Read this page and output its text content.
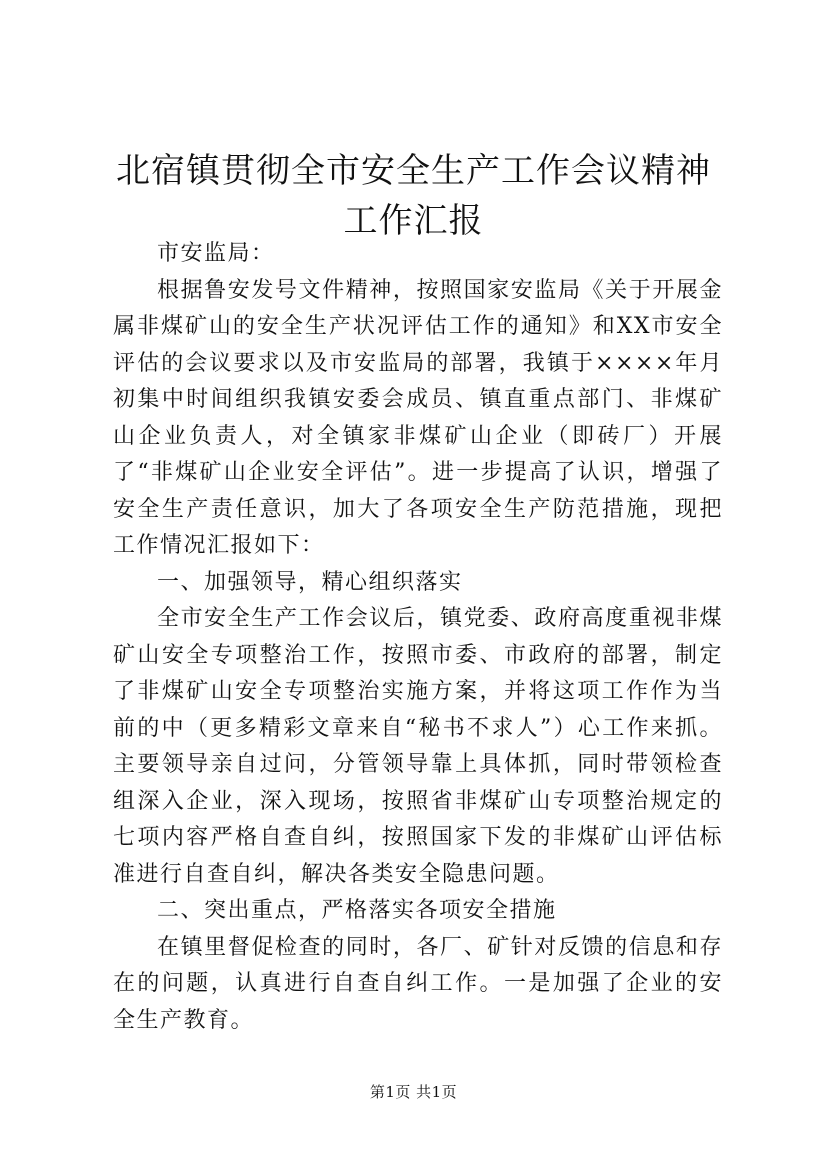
北宿镇贯彻全市安全生产工作会议精神工作汇报

市安监局：

根据鲁安发号文件精神，按照国家安监局《关于开展金属非煤矿山的安全生产状况评估工作的通知》和XX市安全评估的会议要求以及市安监局的部署，我镇于××××年月初集中时间组织我镇安委会成员、镇直重点部门、非煤矿山企业负责人，对全镇家非煤矿山企业（即砖厂）开展了“非煤矿山企业安全评估”。进一步提高了认识，增强了安全生产责任意识，加大了各项安全生产防范措施，现把工作情况汇报如下：

一、加强领导，精心组织落实

全市安全生产工作会议后，镇党委、政府高度重视非煤矿山安全专项整治工作，按照市委、市政府的部署，制定了非煤矿山安全专项整治实施方案，并将这项工作作为当前的中（更多精彩文章来自“秘书不求人”）心工作来抓。主要领导亲自过问，分管领导靠上具体抓，同时带领检查组深入企业，深入现场，按照省非煤矿山专项整治规定的七项内容严格自查自纠，按照国家下发的非煤矿山评估标准进行自查自纠，解决各类安全隐患问题。

二、突出重点，严格落实各项安全措施

在镇里督促检查的同时，各厂、矿针对反馈的信息和存在的问题，认真进行自查自纠工作。一是加强了企业的安全生产教育。

第1页 共1页
